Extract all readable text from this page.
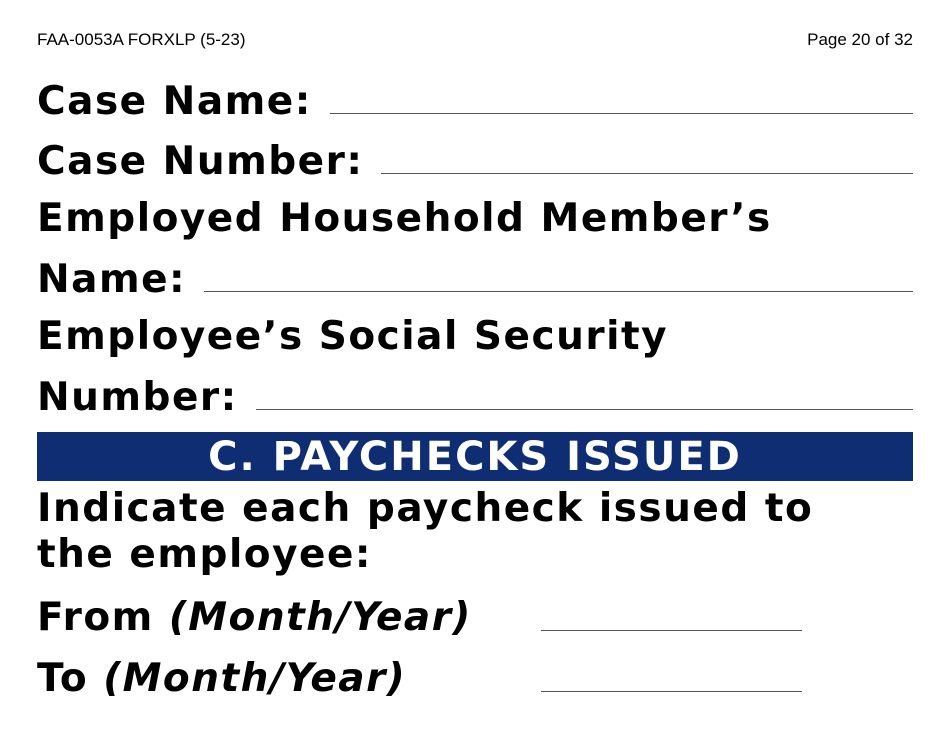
FAA-0053A FORXLP (5-23)	Page 20 of 32
Case Name:
Case Number:
Employed Household Member’s
Name:
Employee’s Social Security
Number:
C. PAYCHECKS ISSUED
Indicate each paycheck issued to
the employee:
From (Month/Year)
To (Month/Year)
